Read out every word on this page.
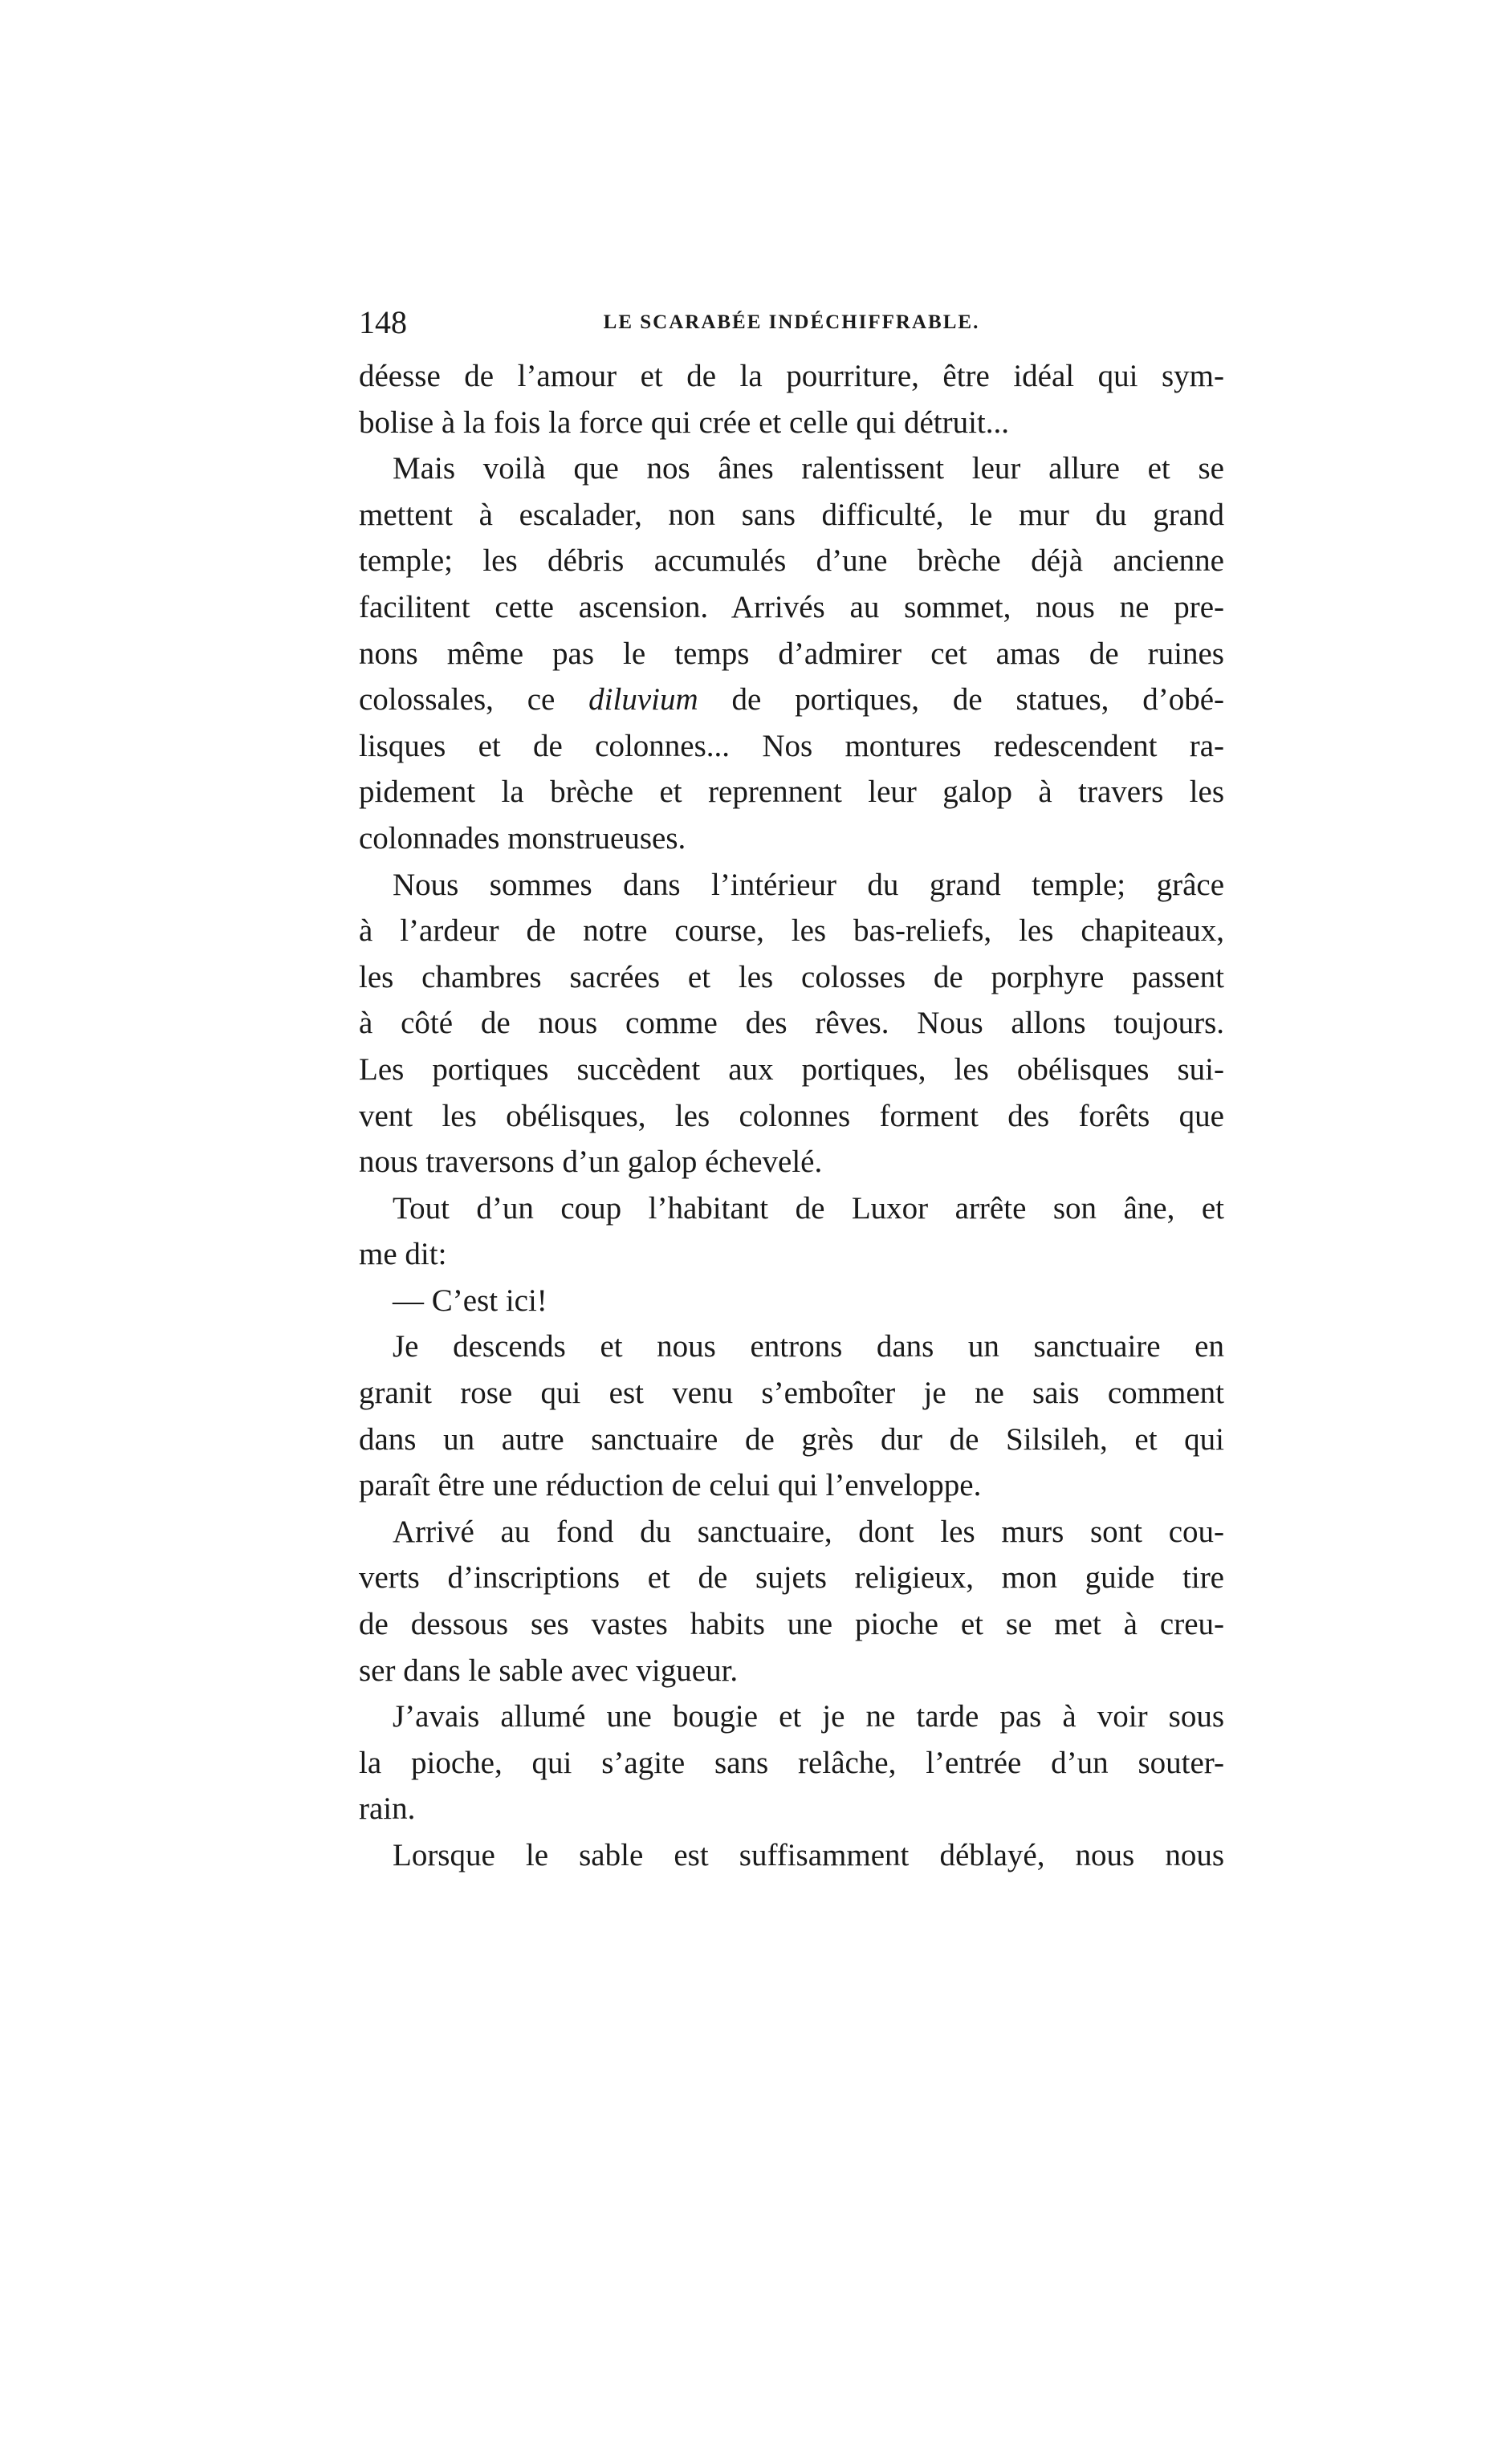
148	LE SCARABÉE INDÉCHIFFRABLE.
déesse de l’amour et de la pourriture, être idéal qui sym-
bolise à la fois la force qui crée et celle qui détruit...
Mais voilà que nos ânes ralentissent leur allure et se
mettent à escalader, non sans difficulté, le mur du grand
temple; les débris accumulés d’une brèche déjà ancienne
facilitent cette ascension. Arrivés au sommet, nous ne pre-
nons même pas le temps d’admirer cet amas de ruines
colossales, ce diluvium de portiques, de statues, d’obé-
lisques et de colonnes... Nos montures redescendent ra-
pidement la brèche et reprennent leur galop à travers les
colonnades monstrueuses.
Nous sommes dans l’intérieur du grand temple; grâce
à l’ardeur de notre course, les bas-reliefs, les chapiteaux,
les chambres sacrées et les colosses de porphyre passent
à côté de nous comme des rêves. Nous allons toujours.
Les portiques succèdent aux portiques, les obélisques sui-
vent les obélisques, les colonnes forment des forêts que
nous traversons d’un galop échevelé.
Tout d’un coup l’habitant de Luxor arrête son âne, et
me dit:
— C’est ici!
Je descends et nous entrons dans un sanctuaire en
granit rose qui est venu s’emboîter je ne sais comment
dans un autre sanctuaire de grès dur de Silsileh, et qui
paraît être une réduction de celui qui l’enveloppe.
Arrivé au fond du sanctuaire, dont les murs sont cou-
verts d’inscriptions et de sujets religieux, mon guide tire
de dessous ses vastes habits une pioche et se met à creu-
ser dans le sable avec vigueur.
J’avais allumé une bougie et je ne tarde pas à voir sous
la pioche, qui s’agite sans relâche, l’entrée d’un souter-
rain.
Lorsque le sable est suffisamment déblayé, nous nous
